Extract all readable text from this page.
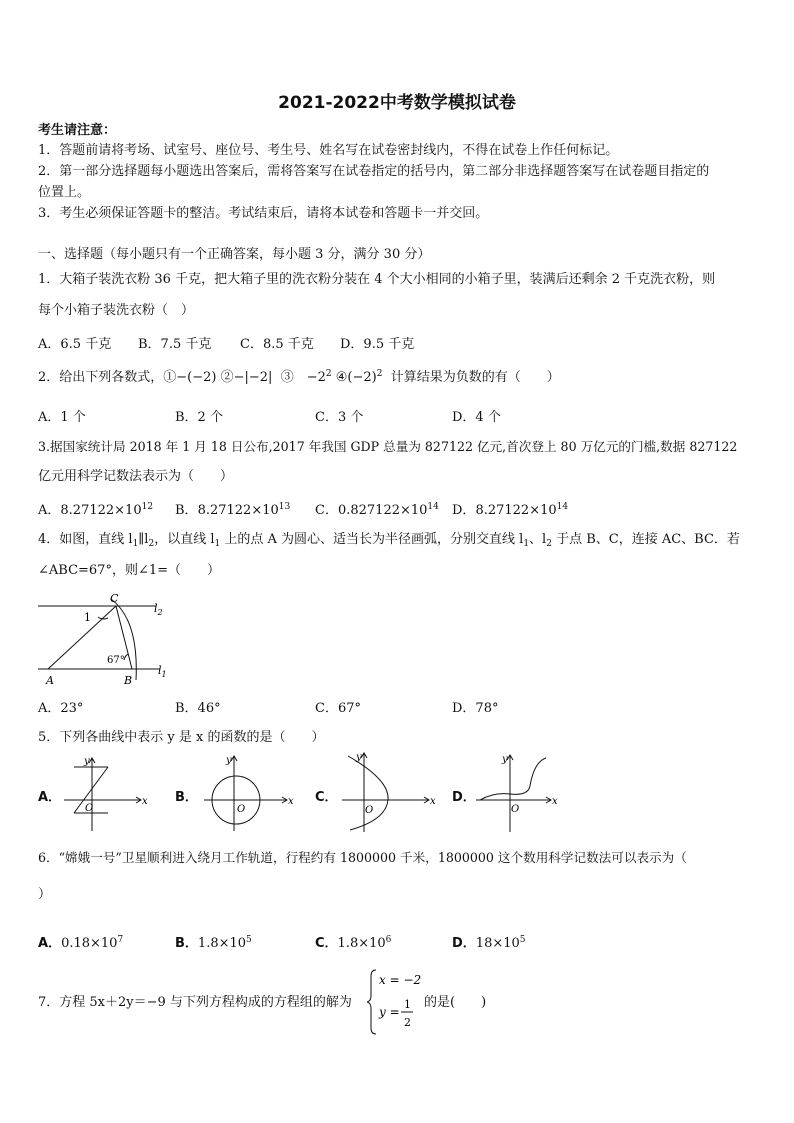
2021-2022中考数学模拟试卷
考生请注意：
1．答题前请将考场、试室号、座位号、考生号、姓名写在试卷密封线内，不得在试卷上作任何标记。
2．第一部分选择题每小题选出答案后，需将答案写在试卷指定的括号内，第二部分非选择题答案写在试卷题目指定的
位置上。
3．考生必须保证答题卡的整洁。考试结束后，请将本试卷和答题卡一并交回。
一、选择题（每小题只有一个正确答案，每小题 3 分，满分 30 分）
1．大箱子装洗衣粉 36 千克，把大箱子里的洗衣粉分装在 4 个大小相同的小箱子里，装满后还剩余 2 千克洗衣粉，则
每个小箱子装洗衣粉（　）
A．6.5 千克 B．7.5 千克 C．8.5 千克 D．9.5 千克
2．给出下列各数式，①−(−2) ②−|−2| ③　$-2^2$ $④(-2)^2$ 计算结果为负数的有（　　）
A．1 个	B．2 个	C．3 个	D．4 个
3.据国家统计局 2018 年 1 月 18 日公布,2017 年我国 GDP 总量为 827122 亿元,首次登上 80 万亿元的门槛,数据 827122
亿元用科学记数法表示为（　　）
A．$8.27122\times 10^{12}$ B．$8.27122\times 10^{13}$ C．$0.827122\times 10^{14}$ D．$8.27122\times 10^{14}$
4．如图，直线 $l_1\parallel l_2$，以直线 $l_1$ 上的点 A 为圆心、适当长为半径画弧，分别交直线 $l_1$、$l_2$ 于点 B、C，连接 AC、BC．若
∠ABC=67°，则∠1=（　　）
C
1
67°
A	B
$l_2$
$l_1$
A．23°	B．46°	C．67°	D．78°
5．下列各曲线中表示 y 是 x 的函数的是（　　）
A．	x
y
O
B．	x
y
O
C．	x
y
O
D．	x
y
O
6．“嫦娥一号”卫星顺利进入绕月工作轨道，行程约有 1800000 千米，1800000 这个数用科学记数法可以表示为（
）
A．$0.18\times 10^7$	B．$1.8\times 10^5$	C．$1.8\times 10^6$	D．$18\times 10^5$
7．方程 5x＋2y＝−9 与下列方程构成的方程组的解为
x = −2
y =
1
2
的是(　　)
